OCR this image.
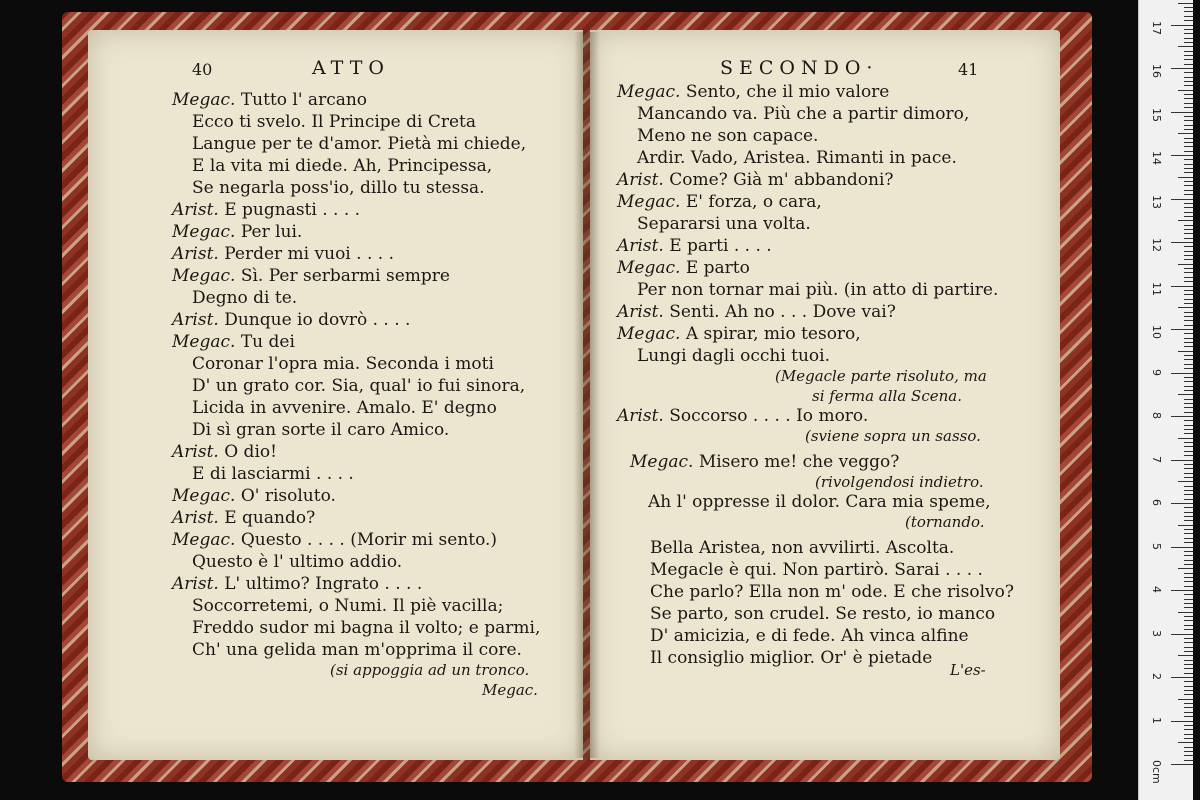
40	ATTO	SECONDO·	41
Megac. Tutto l' arcano
Ecco ti svelo. Il Principe di Creta
Langue per te d'amor. Pietà mi chiede,
E la vita mi diede. Ah, Principessa,
Se negarla poss'io, dillo tu stessa.
Arist. E pugnasti . . . .
Megac. Per lui.
Arist. Perder mi vuoi . . . .
Megac. Sì. Per serbarmi sempre
Degno di te.
Arist. Dunque io dovrò . . . .
Megac. Tu dei
Coronar l'opra mia. Seconda i moti
D' un grato cor. Sia, qual' io fui sinora,
Licida in avvenire. Amalo. E' degno
Di sì gran sorte il caro Amico.
Arist. O dio!
E di lasciarmi . . . .
Megac. O' risoluto.
Arist. E quando?
Megac. Questo . . . . (Morir mi sento.)
Questo è l' ultimo addio.
Arist. L' ultimo? Ingrato . . . .
Soccorretemi, o Numi. Il piè vacilla;
Freddo sudor mi bagna il volto; e parmi,
Ch' una gelida man m'opprima il core.
(si appoggia ad un tronco.
Megac.
Megac. Sento, che il mio valore
Mancando va. Più che a partir dimoro,
Meno ne son capace.
Ardir. Vado, Aristea. Rimanti in pace.
Arist. Come? Già m' abbandoni?
Megac. E' forza, o cara,
Separarsi una volta.
Arist. E parti . . . .
Megac. E parto
Per non tornar mai più. (in atto di partire.
Arist. Senti. Ah no . . . Dove vai?
Megac. A spirar, mio tesoro,
Lungi dagli occhi tuoi.
(Megacle parte risoluto, ma
si ferma alla Scena.
Arist. Soccorso . . . . Io moro.
(sviene sopra un sasso.
Megac. Misero me! che veggo?
(rivolgendosi indietro.
Ah l' oppresse il dolor. Cara mia speme,
(tornando.
Bella Aristea, non avvilirti. Ascolta.
Megacle è qui. Non partirò. Sarai . . . .
Che parlo? Ella non m' ode. E che risolvo?
Se parto, son crudel. Se resto, io manco
D' amicizia, e di fede. Ah vinca alfine
Il consiglio miglior. Or' è pietade
L'es-
0cm
1
2
3
4
5
6
7
8
9
10
11
12
13
14
15
16
17
